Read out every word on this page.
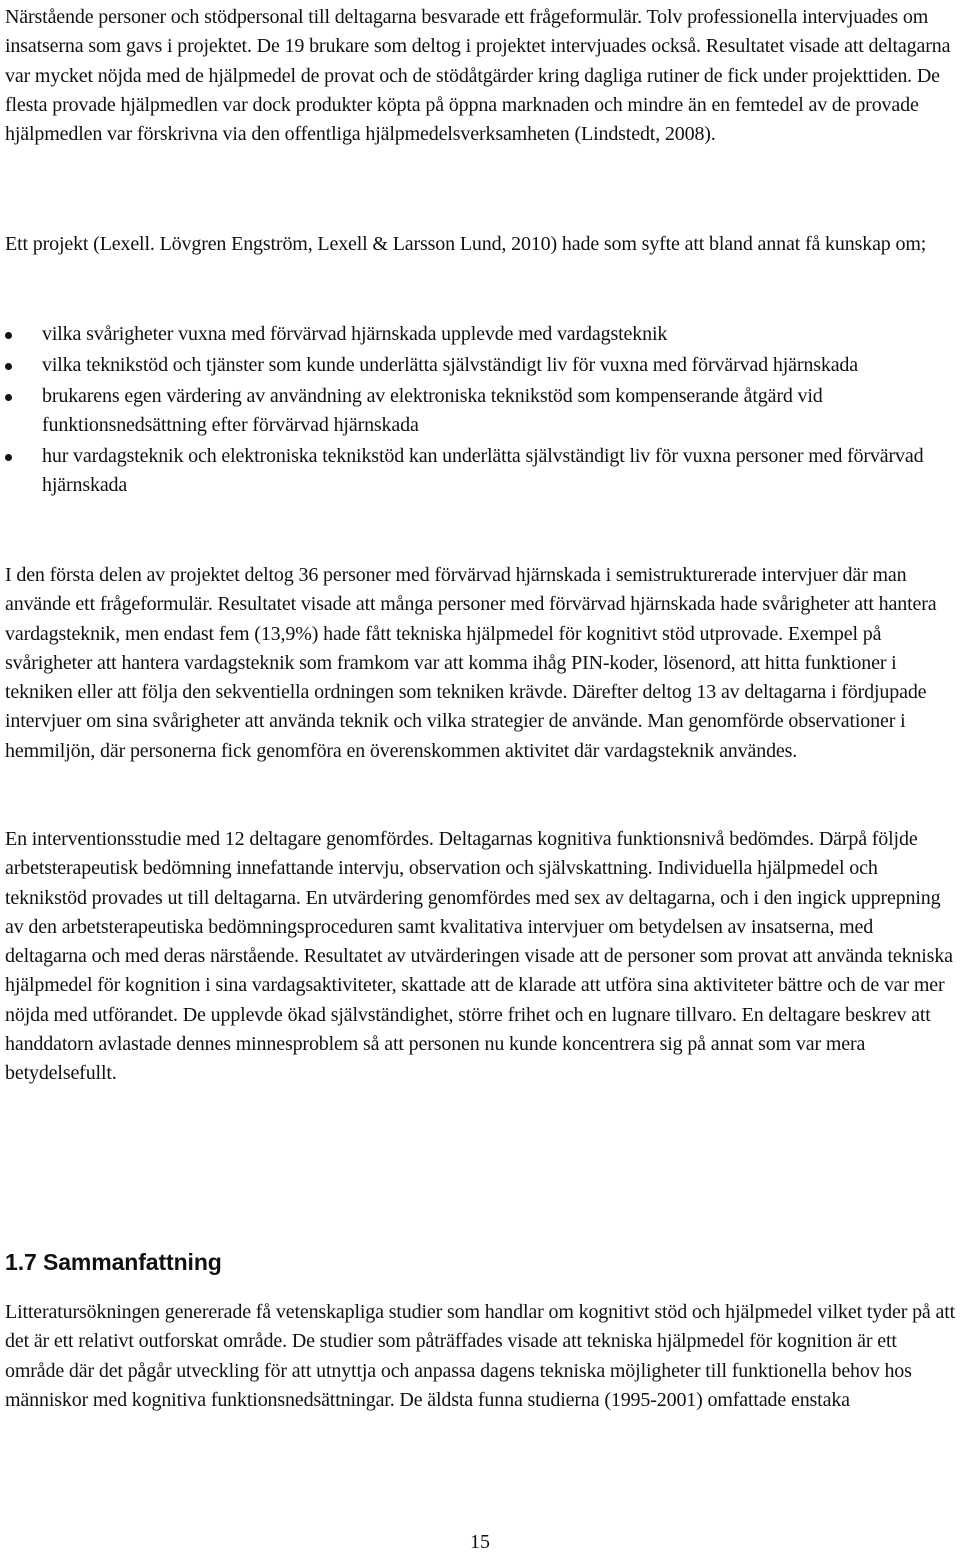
Närstående personer och stödpersonal till deltagarna besvarade ett frågeformulär. Tolv professionella intervjuades om insatserna som gavs i projektet. De 19 brukare som deltog i projektet intervjuades också. Resultatet visade att deltagarna var mycket nöjda med de hjälpmedel de provat och de stödåtgärder kring dagliga rutiner de fick under projekttiden. De flesta provade hjälpmedlen var dock produkter köpta på öppna marknaden och mindre än en femtedel av de provade hjälpmedlen var förskrivna via den offentliga hjälpmedelsverksamheten (Lindstedt, 2008).

Ett projekt (Lexell. Lövgren Engström, Lexell & Larsson Lund, 2010) hade som syfte att bland annat få kunskap om;

vilka svårigheter vuxna med förvärvad hjärnskada upplevde med vardagsteknik
vilka teknikstöd och tjänster som kunde underlätta självständigt liv för vuxna med förvärvad hjärnskada
brukarens egen värdering av användning av elektroniska teknikstöd som kompenserande åtgärd vid funktionsnedsättning efter förvärvad hjärnskada
hur vardagsteknik och elektroniska teknikstöd kan underlätta självständigt liv för vuxna personer med förvärvad hjärnskada

I den första delen av projektet deltog 36 personer med förvärvad hjärnskada i semistrukturerade intervjuer där man använde ett frågeformulär. Resultatet visade att många personer med förvärvad hjärnskada hade svårigheter att hantera vardagsteknik, men endast fem (13,9%) hade fått tekniska hjälpmedel för kognitivt stöd utprovade. Exempel på svårigheter att hantera vardagsteknik som framkom var att komma ihåg PIN-koder, lösenord, att hitta funktioner i tekniken eller att följa den sekventiella ordningen som tekniken krävde. Därefter deltog 13 av deltagarna i fördjupade intervjuer om sina svårigheter att använda teknik och vilka strategier de använde. Man genomförde observationer i hemmiljön, där personerna fick genomföra en överenskommen aktivitet där vardagsteknik användes.

En interventionsstudie med 12 deltagare genomfördes. Deltagarnas kognitiva funktionsnivå bedömdes. Därpå följde arbetsterapeutisk bedömning innefattande intervju, observation och självskattning. Individuella hjälpmedel och teknikstöd provades ut till deltagarna. En utvärdering genomfördes med sex av deltagarna, och i den ingick upprepning av den arbetsterapeutiska bedömningsproceduren samt kvalitativa intervjuer om betydelsen av insatserna, med deltagarna och med deras närstående. Resultatet av utvärderingen visade att de personer som provat att använda tekniska hjälpmedel för kognition i sina vardagsaktiviteter, skattade att de klarade att utföra sina aktiviteter bättre och de var mer nöjda med utförandet. De upplevde ökad självständighet, större frihet och en lugnare tillvaro. En deltagare beskrev att handdatorn avlastade dennes minnesproblem så att personen nu kunde koncentrera sig på annat som var mera betydelsefullt.

1.7 Sammanfattning

Litteratursökningen genererade få vetenskapliga studier som handlar om kognitivt stöd och hjälpmedel vilket tyder på att det är ett relativt outforskat område. De studier som påträffades visade att tekniska hjälpmedel för kognition är ett område där det pågår utveckling för att utnyttja och anpassa dagens tekniska möjligheter till funktionella behov hos människor med kognitiva funktionsnedsättningar. De äldsta funna studierna (1995-2001) omfattade enstaka

15
